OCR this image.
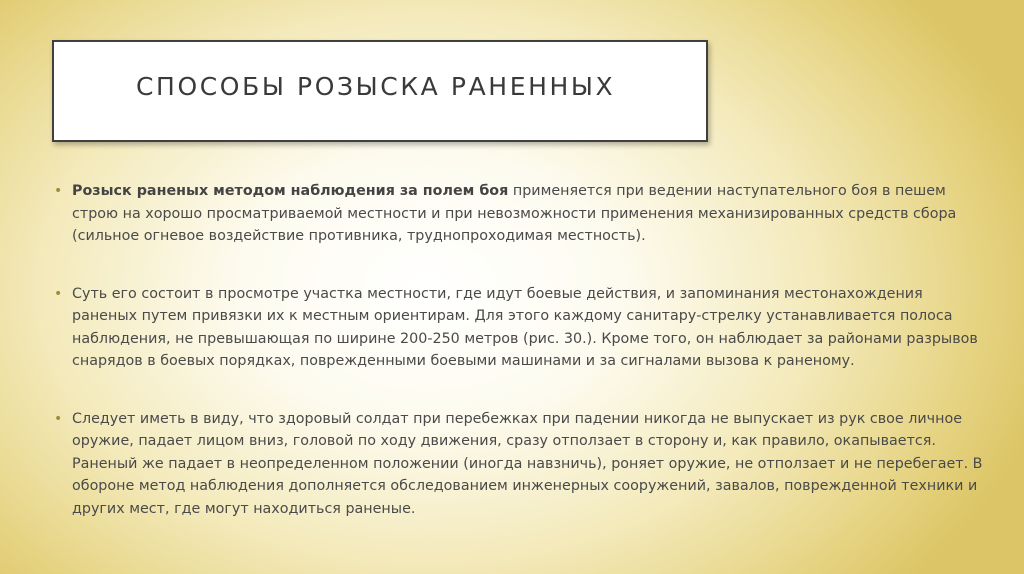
СПОСОБЫ РОЗЫСКА РАНЕННЫХ
• Розыск раненых методом наблюдения за полем боя применяется при ведении наступательного боя в пешем строю на хорошо просматриваемой местности и при невозможности применения механизированных средств сбора (сильное огневое воздействие противника, труднопроходимая местность).
• Суть его состоит в просмотре участка местности, где идут боевые действия, и запоминания местонахождения раненых путем привязки их к местным ориентирам. Для этого каждому санитару-стрелку устанавливается полоса наблюдения, не превышающая по ширине 200-250 метров (рис. 30.). Кроме того, он наблюдает за районами разрывов снарядов в боевых порядках, поврежденными боевыми машинами и за сигналами вызова к раненому.
• Следует иметь в виду, что здоровый солдат при перебежках при падении никогда не выпускает из рук свое личное оружие, падает лицом вниз, головой по ходу движения, сразу отползает в сторону и, как правило, окапывается. Раненый же падает в неопределенном положении (иногда навзничь), роняет оружие, не отползает и не перебегает. В обороне метод наблюдения дополняется обследованием инженерных сооружений, завалов, поврежденной техники и других мест, где могут находиться раненые.
